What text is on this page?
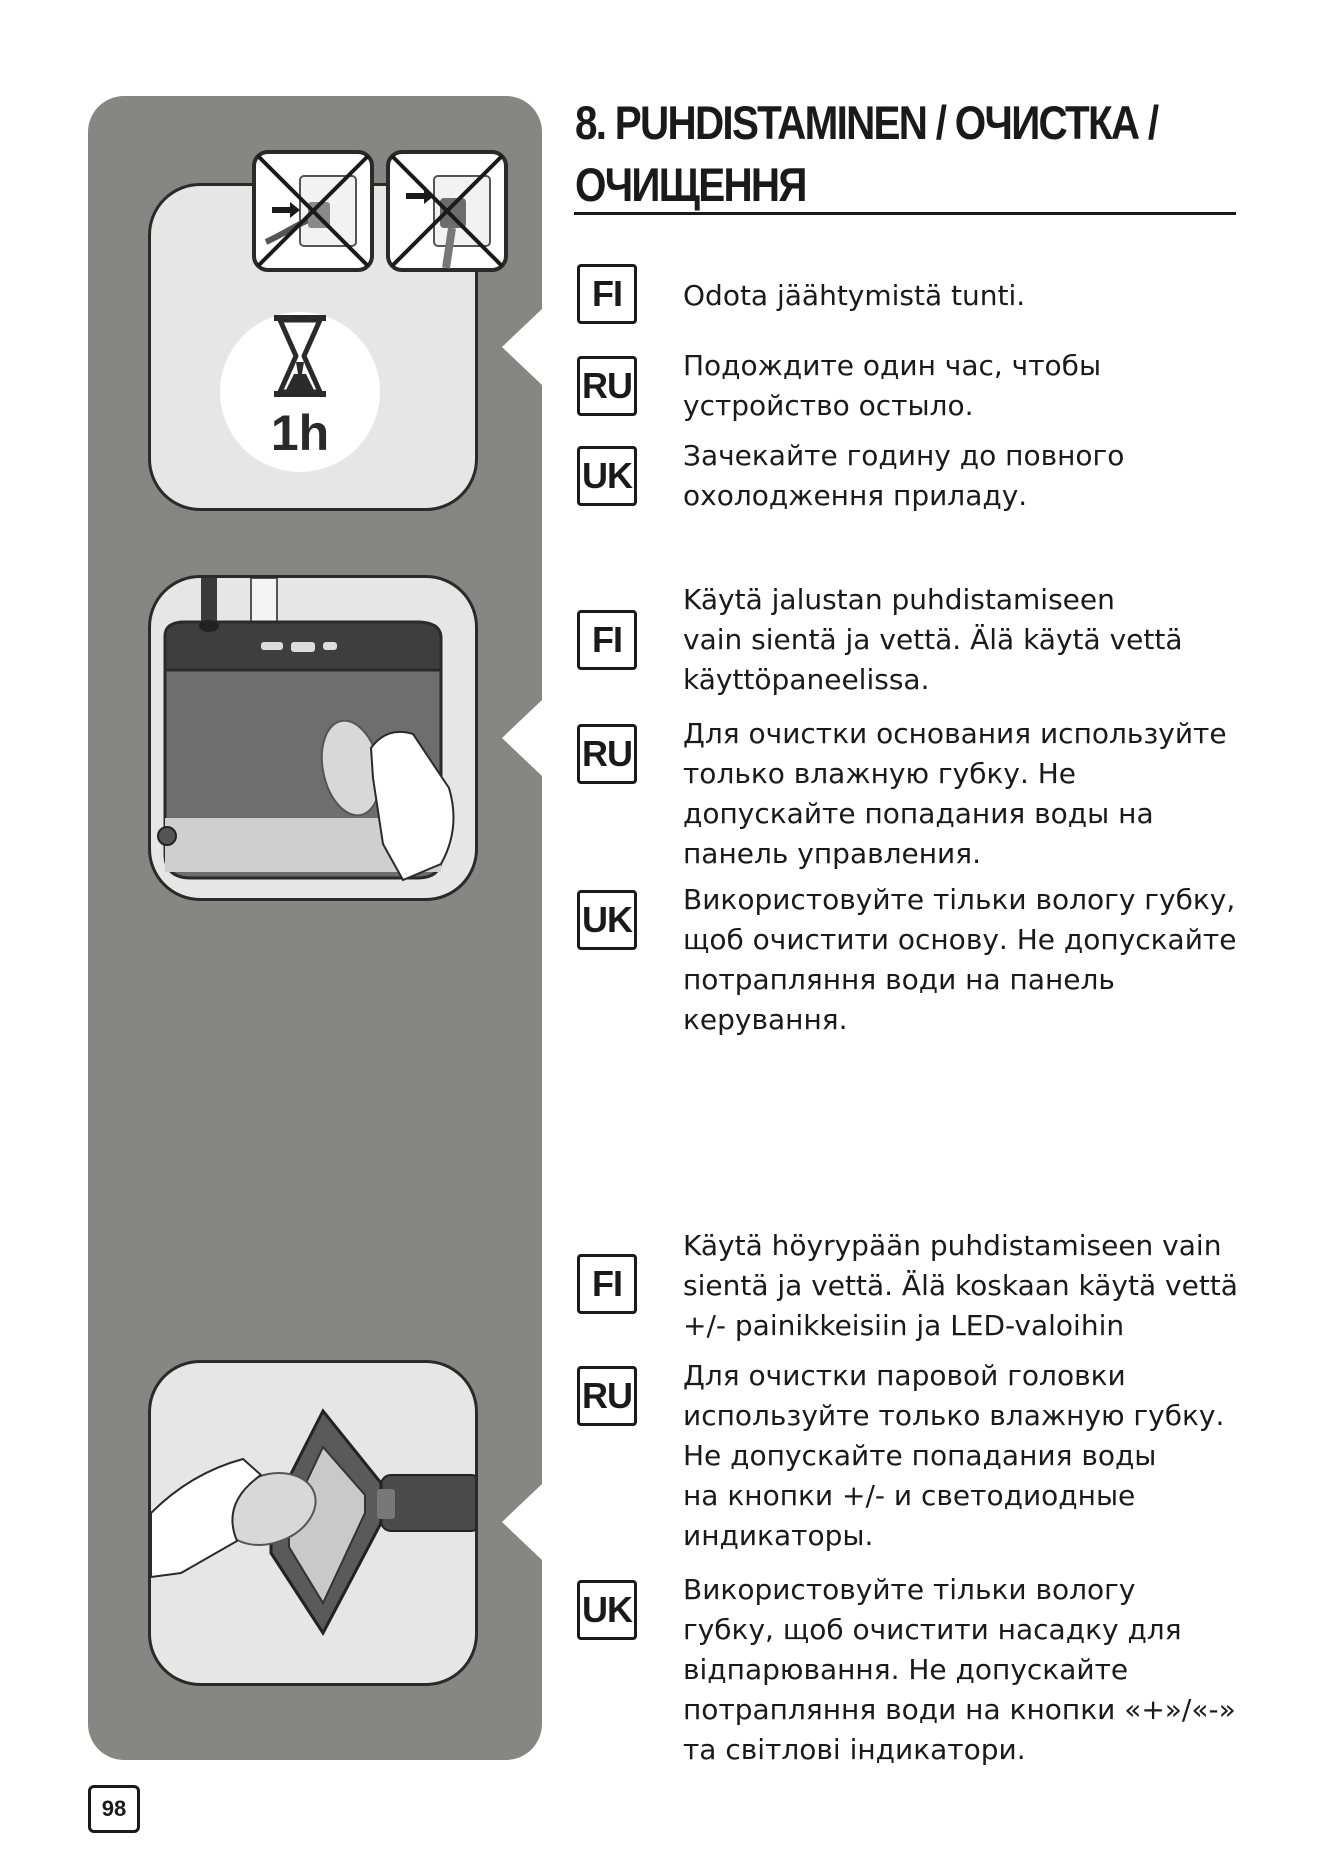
1h
8. PUHDISTAMINEN / ОЧИСТКА /
ОЧИЩЕННЯ
FI	Odota jäähtymistä tunti.
RU Подождите один час, чтобы
устройство остыло.
UK Зачекайте годину до повного
охолодження приладу.
FI
Käytä jalustan puhdistamiseen
vain sientä ja vettä. Älä käytä vettä
käyttöpaneelissa.
RU Для очистки основания используйте
только влажную губку. Не
допускайте попадания воды на
панель управления.
UK Використовуйте тільки вологу губку,
щоб очистити основу. Не допускайте
потрапляння води на панель
керування.
FI
Käytä höyrypään puhdistamiseen vain
sientä ja vettä. Älä koskaan käytä vettä
+/- painikkeisiin ja LED-valoihin
RU Для очистки паровой головки
используйте только влажную губку.
Не допускайте попадания воды
на кнопки +/- и светодиодные
индикаторы.
UK Використовуйте тільки вологу
губку, щоб очистити насадку для
відпарювання. Не допускайте
потрапляння води на кнопки «+»/«-»
та світлові індикатори.
98
